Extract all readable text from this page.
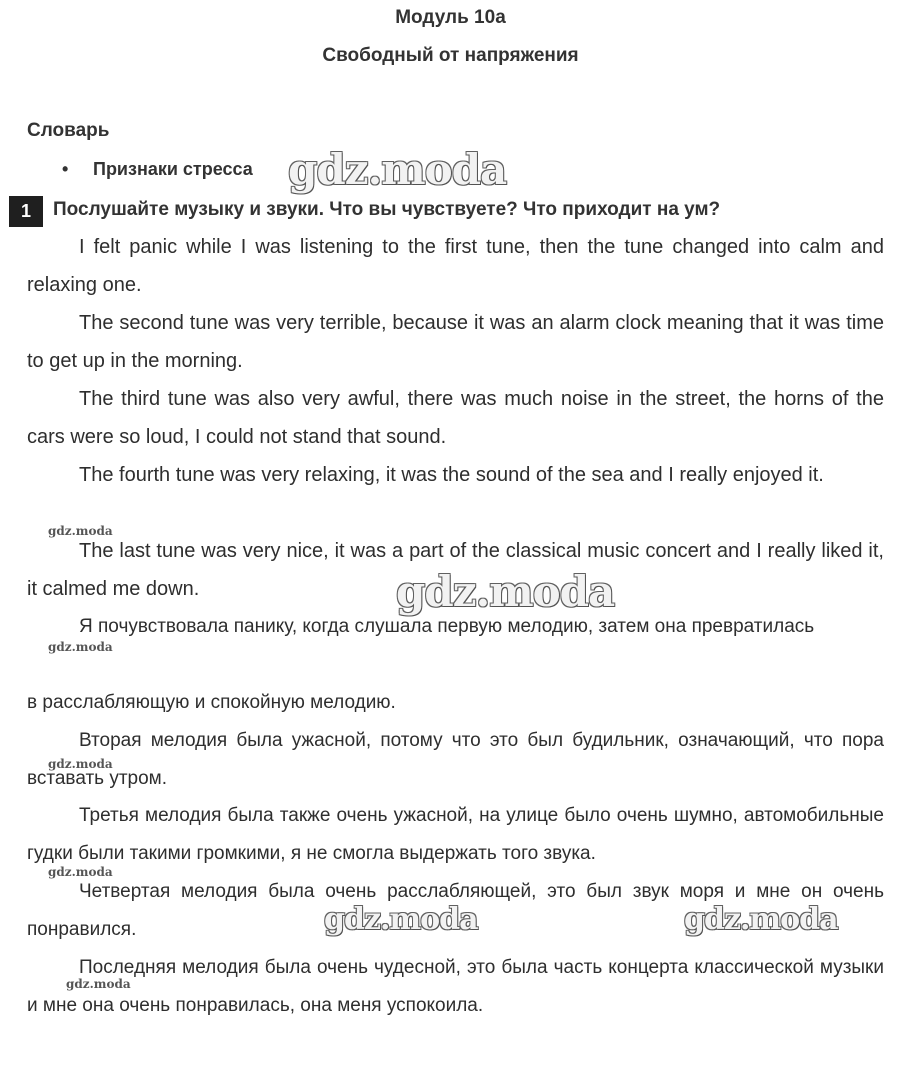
Модуль 10а
Свободный от напряжения
Словарь
• Признаки стресса
1	Послушайте музыку и звуки. Что вы чувствуете? Что приходит на ум?

I felt panic while I was listening to the first tune, then the tune changed into calm and relaxing one.

The second tune was very terrible, because it was an alarm clock meaning that it was time to get up in the morning.

The third tune was also very awful, there was much noise in the street, the horns of the cars were so loud, I could not stand that sound.

The fourth tune was very relaxing, it was the sound of the sea and I really enjoyed it.

The last tune was very nice, it was a part of the classical music concert and I really liked it, it calmed me down.

Я почувствовала панику, когда слушала первую мелодию, затем она превратилась

в расслабляющую и спокойную мелодию.

Вторая мелодия была ужасной, потому что это был будильник, означающий, что пора вставать утром.

Третья мелодия была также очень ужасной, на улице было очень шумно, автомобильные гудки были такими громкими, я не смогла выдержать того звука.

Четвертая мелодия была очень расслабляющей, это был звук моря и мне он очень понравился.

Последняя мелодия была очень чудесной, это была часть концерта классической музыки и мне она очень понравилась, она меня успокоила.

gdz.moda
gdz.moda
gdz.moda	gdz.moda
gdz.moda
gdz.moda
gdz.moda
gdz.moda
gdz.moda
